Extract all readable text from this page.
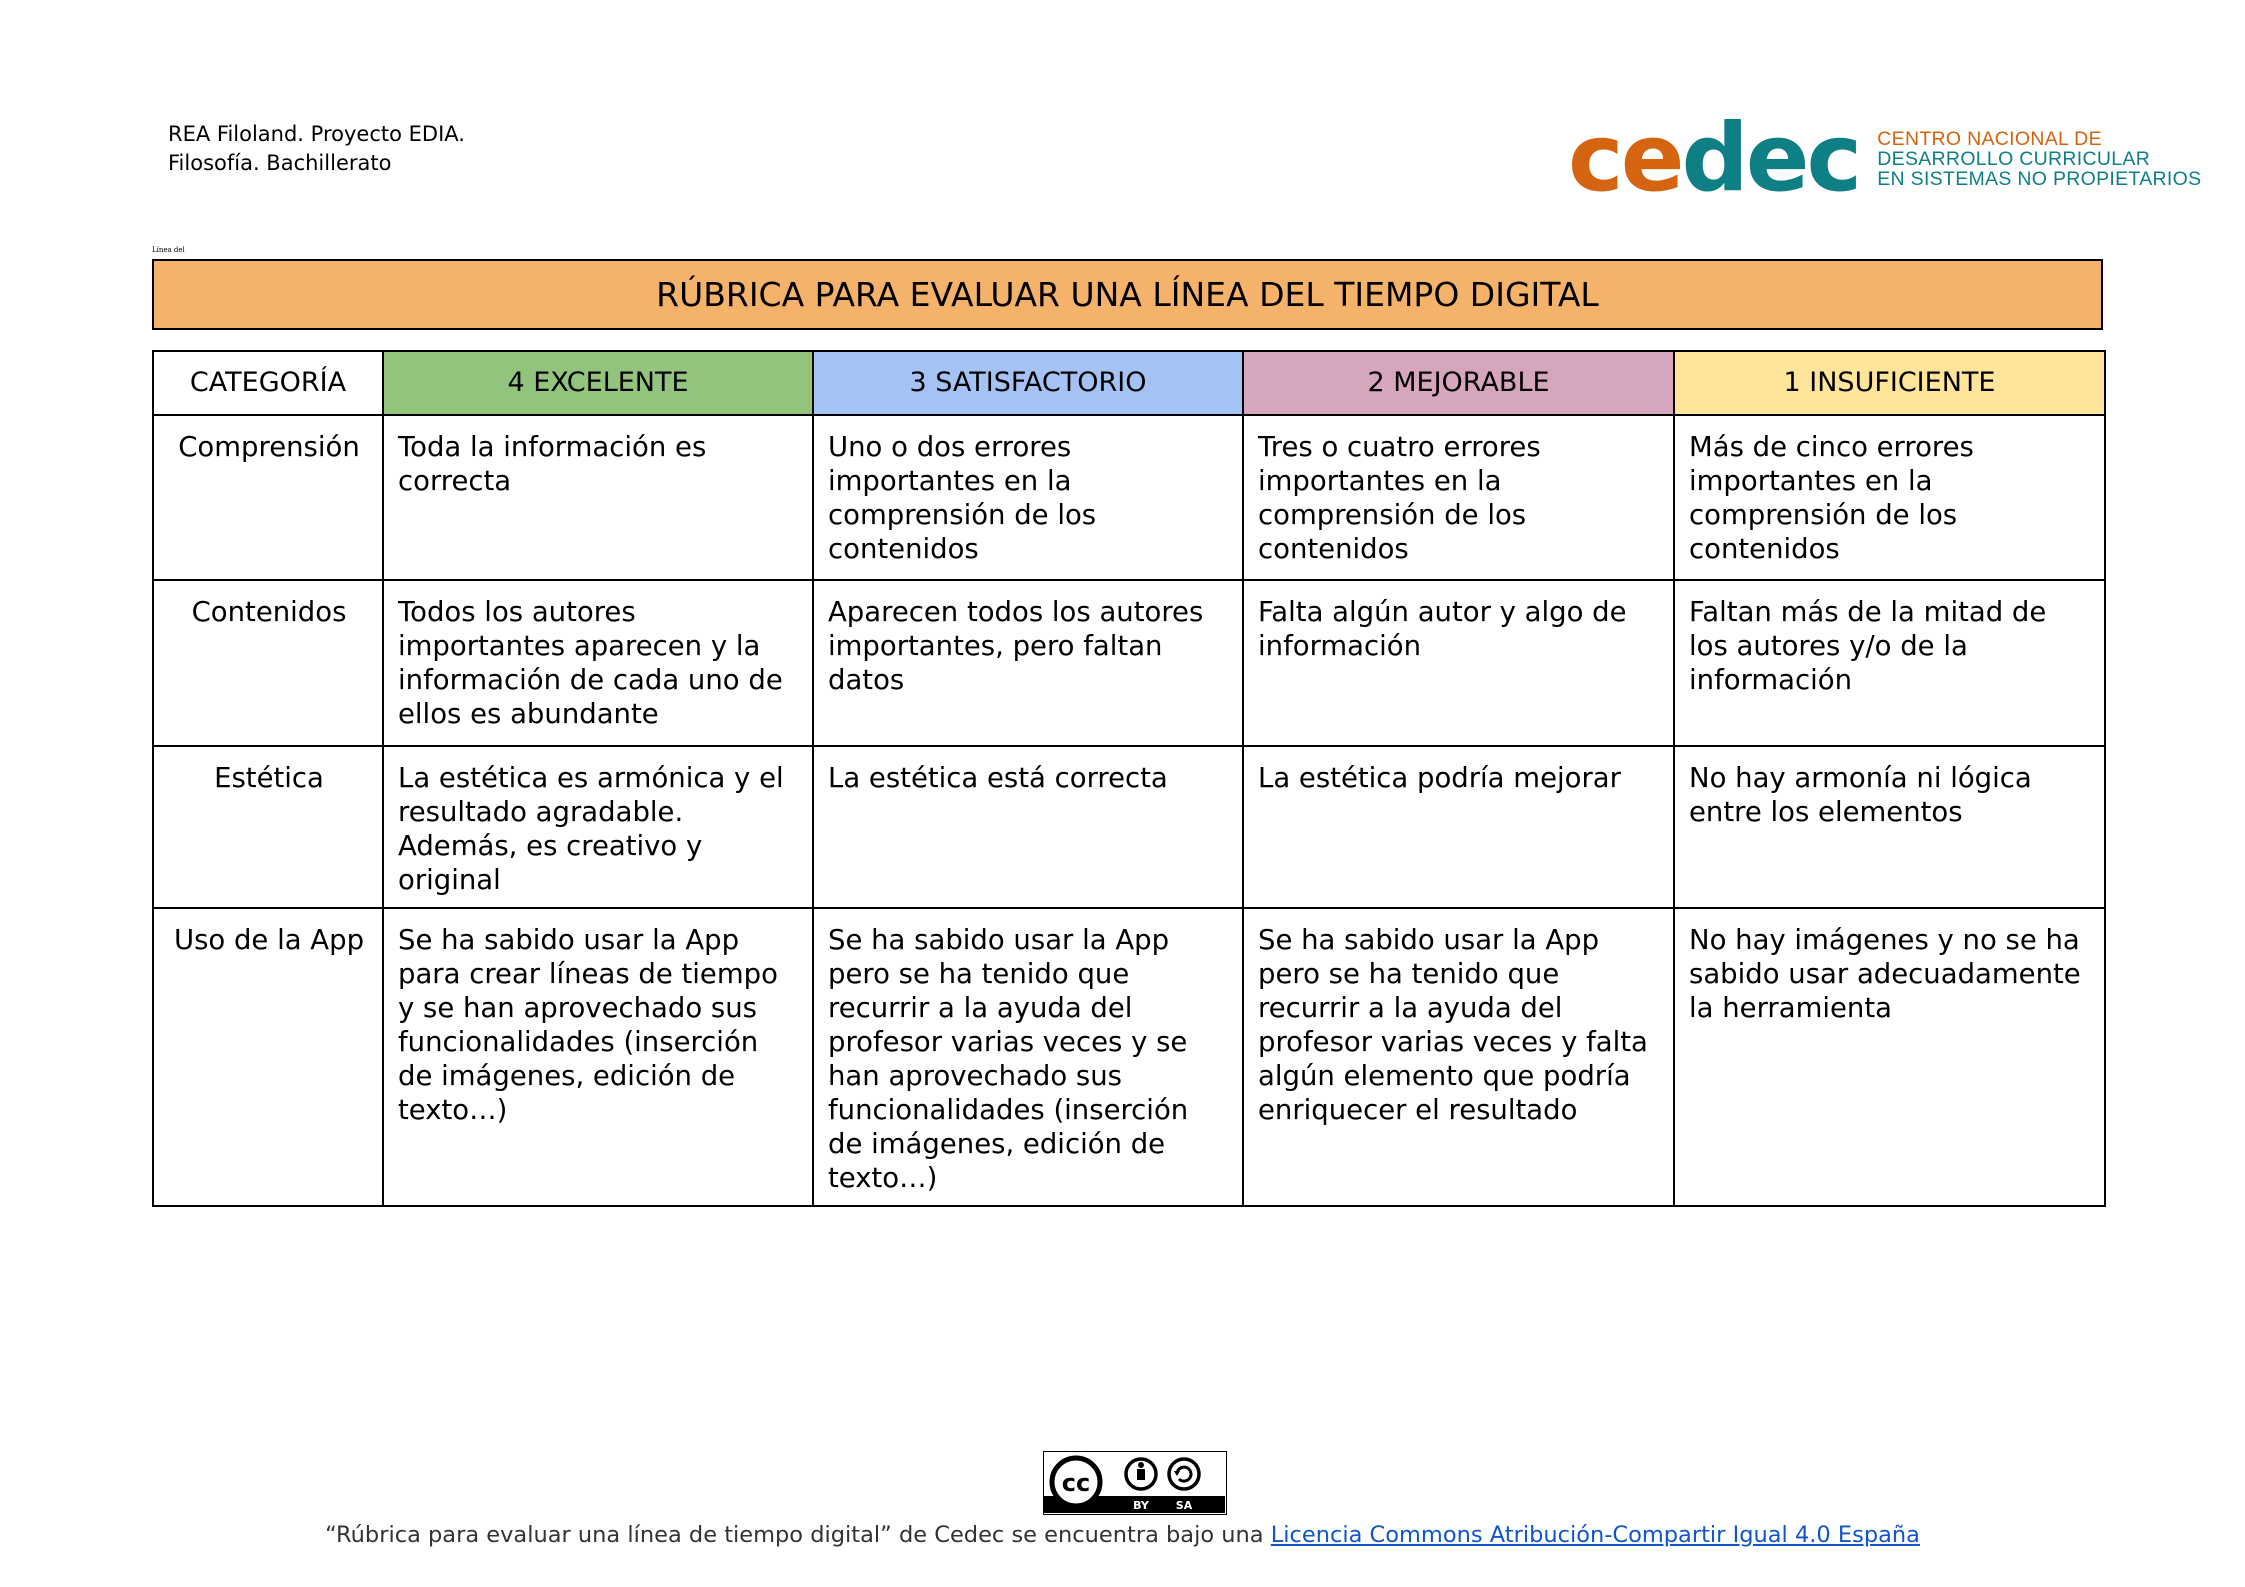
REA Filoland. Proyecto EDIA.
Filosofía. Bachillerato	cedec CENTRO NACIONAL DE
DESARROLLO CURRICULAR
EN SISTEMAS NO PROPIETARIOS
Línea del
RÚBRICA PARA EVALUAR UNA LÍNEA DEL TIEMPO DIGITAL
CATEGORÍA	4 EXCELENTE	3 SATISFACTORIO	2 MEJORABLE	1 INSUFICIENTE
Comprensión	Toda la información es correcta	Uno o dos errores importantes en la comprensión de los contenidos	Tres o cuatro errores importantes en la comprensión de los contenidos	Más de cinco errores importantes en la comprensión de los contenidos
Contenidos	Todos los autores importantes aparecen y la información de cada uno de ellos es abundante	Aparecen todos los autores importantes, pero faltan datos	Falta algún autor y algo de información	Faltan más de la mitad de los autores y/o de la información
Estética	La estética es armónica y el resultado agradable. Además, es creativo y original	La estética está correcta	La estética podría mejorar	No hay armonía ni lógica entre los elementos
Uso de la App	Se ha sabido usar la App para crear líneas de tiempo y se han aprovechado sus funcionalidades (inserción de imágenes, edición de texto…)	Se ha sabido usar la App pero se ha tenido que recurrir a la ayuda del profesor varias veces y se han aprovechado sus funcionalidades (inserción de imágenes, edición de texto…)	Se ha sabido usar la App pero se ha tenido que recurrir a la ayuda del profesor varias veces y falta algún elemento que podría enriquecer el resultado	No hay imágenes y no se ha sabido usar adecuadamente la herramienta
cc
BY SA
“Rúbrica para evaluar una línea de tiempo digital” de Cedec se encuentra bajo una Licencia Commons Atribución-Compartir Igual 4.0 España
